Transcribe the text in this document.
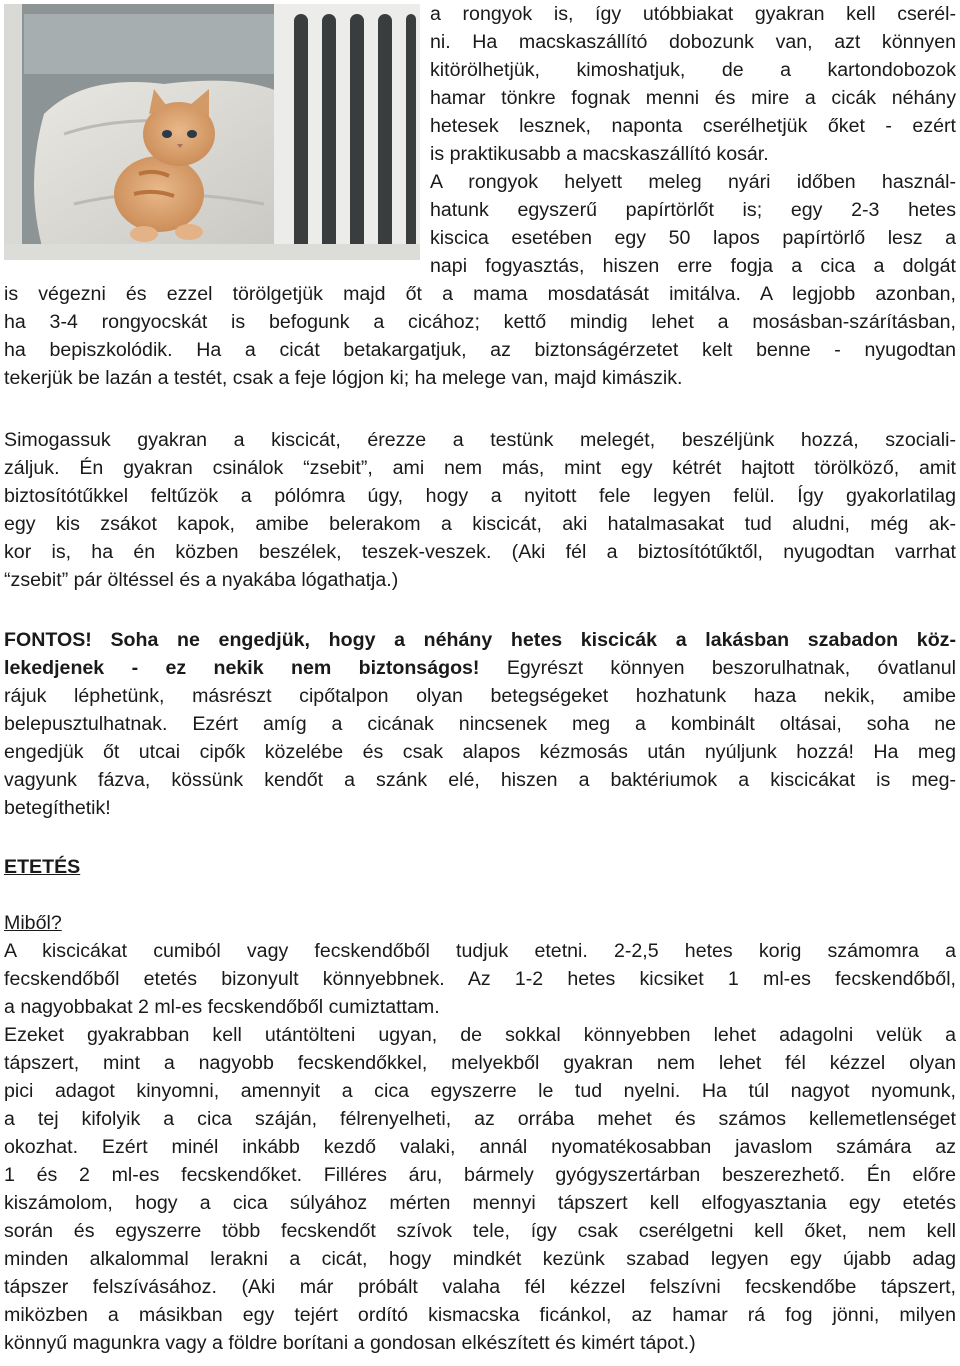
a rongyok is, így utóbbiakat gyakran kell cserél-

ni. Ha macskaszállító dobozunk van, azt könnyen

kitörölhetjük, kimoshatjuk, de a kartondobozok

hamar tönkre fognak menni és mire a cicák néhány

hetesek lesznek, naponta cserélhetjük őket - ezért

is praktikusabb a macskaszállító kosár.

A rongyok helyett meleg nyári időben használ-

hatunk egyszerű papírtörlőt is; egy 2-3 hetes

kiscica esetében egy 50 lapos papírtörlő lesz a

napi fogyasztás, hiszen erre fogja a cica a dolgát

is végezni és ezzel törölgetjük majd őt a mama mosdatását imitálva. A legjobb azonban,

ha 3-4 rongyocskát is befogunk a cicához; kettő mindig lehet a mosásban-szárításban,

ha bepiszkolódik. Ha a cicát betakargatjuk, az biztonságérzetet kelt benne - nyugodtan

tekerjük be lazán a testét, csak a feje lógjon ki; ha melege van, majd kimászik.

Simogassuk gyakran a kiscicát, érezze a testünk melegét, beszéljünk hozzá, szociali-

záljuk. Én gyakran csinálok “zsebit”, ami nem más, mint egy kétrét hajtott törölköző, amit

biztosítótűkkel feltűzök a pólómra úgy, hogy a nyitott fele legyen felül. Így gyakorlatilag

egy kis zsákot kapok, amibe belerakom a kiscicát, aki hatalmasakat tud aludni, még ak-

kor is, ha én közben beszélek, teszek-veszek. (Aki fél a biztosítótűktől, nyugodtan varrhat

“zsebit” pár öltéssel és a nyakába lógathatja.)

FONTOS! Soha ne engedjük, hogy a néhány hetes kiscicák a lakásban szabadon köz-

lekedjenek - ez nekik nem biztonságos! Egyrészt könnyen beszorulhatnak, óvatlanul

rájuk léphetünk, másrészt cipőtalpon olyan betegségeket hozhatunk haza nekik, amibe

belepusztulhatnak. Ezért amíg a cicának nincsenek meg a kombinált oltásai, soha ne

engedjük őt utcai cipők közelébe és csak alapos kézmosás után nyúljunk hozzá! Ha meg

vagyunk fázva, kössünk kendőt a szánk elé, hiszen a baktériumok a kiscicákat is meg-

betegíthetik!

ETETÉS

Miből?

A kiscicákat cumiból vagy fecskendőből tudjuk etetni. 2-2,5 hetes korig számomra a

fecskendőből etetés bizonyult könnyebbnek. Az 1-2 hetes kicsiket 1 ml-es fecskendőből,

a nagyobbakat 2 ml-es fecskendőből cumiztattam.

Ezeket gyakrabban kell utántölteni ugyan, de sokkal könnyebben lehet adagolni velük a

tápszert, mint a nagyobb fecskendőkkel, melyekből gyakran nem lehet fél kézzel olyan

pici adagot kinyomni, amennyit a cica egyszerre le tud nyelni. Ha túl nagyot nyomunk,

a tej kifolyik a cica száján, félrenyelheti, az orrába mehet és számos kellemetlenséget

okozhat. Ezért minél inkább kezdő valaki, annál nyomatékosabban javaslom számára az

1 és 2 ml-es fecskendőket. Filléres áru, bármely gyógyszertárban beszerezhető. Én előre

kiszámolom, hogy a cica súlyához mérten mennyi tápszert kell elfogyasztania egy etetés

során és egyszerre több fecskendőt szívok tele, így csak cserélgetni kell őket, nem kell

minden alkalommal lerakni a cicát, hogy mindkét kezünk szabad legyen egy újabb adag

tápszer felszívásához. (Aki már próbált valaha fél kézzel felszívni fecskendőbe tápszert,

miközben a másikban egy tejért ordító kismacska ficánkol, az hamar rá fog jönni, milyen

könnyű magunkra vagy a földre borítani a gondosan elkészített és kimért tápot.)
